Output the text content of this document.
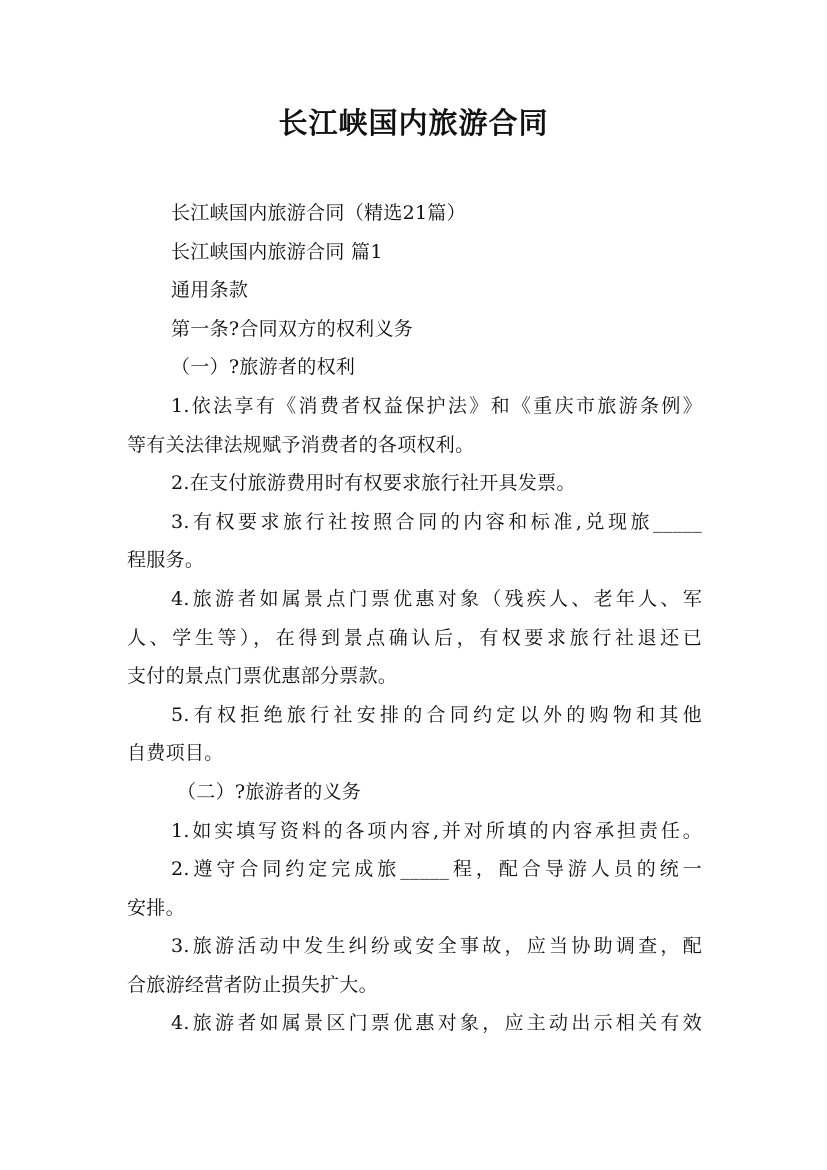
长江峡国内旅游合同
长江峡国内旅游合同（精选21篇）
长江峡国内旅游合同 篇1
通用条款
第一条?合同双方的权利义务
（一）?旅游者的权利
1.依法享有《消费者权益保护法》和《重庆市旅游条例》
等有关法律法规赋予消费者的各项权利。
2.在支付旅游费用时有权要求旅行社开具发票。
3.有权要求旅行社按照合同的内容和标准,兑现旅_____
程服务。
4.旅游者如属景点门票优惠对象（残疾人、老年人、军
人、学生等），在得到景点确认后，有权要求旅行社退还已
支付的景点门票优惠部分票款。
5.有权拒绝旅行社安排的合同约定以外的购物和其他
自费项目。
（二）?旅游者的义务
1.如实填写资料的各项内容,并对所填的内容承担责任。
2.遵守合同约定完成旅_____程，配合导游人员的统一
安排。
3.旅游活动中发生纠纷或安全事故，应当协助调查，配
合旅游经营者防止损失扩大。
4.旅游者如属景区门票优惠对象，应主动出示相关有效
